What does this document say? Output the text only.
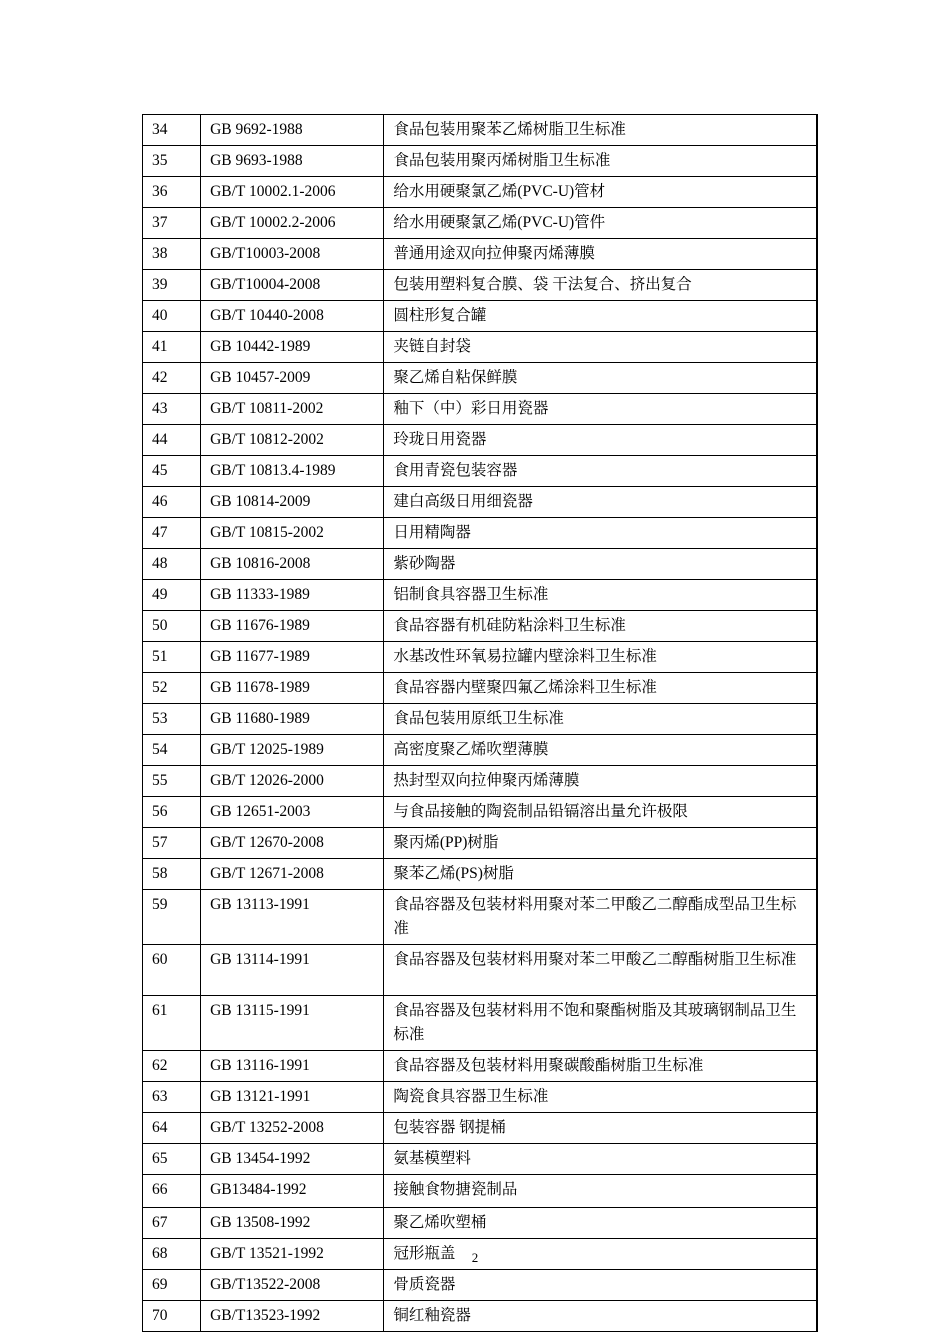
34	GB 9692-1988	食品包装用聚苯乙烯树脂卫生标准
35	GB 9693-1988	食品包装用聚丙烯树脂卫生标准
36	GB/T 10002.1-2006	给水用硬聚氯乙烯(PVC-U)管材
37	GB/T 10002.2-2006	给水用硬聚氯乙烯(PVC-U)管件
38	GB/T10003-2008	普通用途双向拉伸聚丙烯薄膜
39	GB/T10004-2008	包装用塑料复合膜、袋 干法复合、挤出复合
40	GB/T 10440-2008	圆柱形复合罐
41	GB 10442-1989	夹链自封袋
42	GB 10457-2009	聚乙烯自粘保鲜膜
43	GB/T 10811-2002	釉下（中）彩日用瓷器
44	GB/T 10812-2002	玲珑日用瓷器
45	GB/T 10813.4-1989	食用青瓷包装容器
46	GB 10814-2009	建白高级日用细瓷器
47	GB/T 10815-2002	日用精陶器
48	GB 10816-2008	紫砂陶器
49	GB 11333-1989	铝制食具容器卫生标准
50	GB 11676-1989	食品容器有机硅防粘涂料卫生标准
51	GB 11677-1989	水基改性环氧易拉罐内壁涂料卫生标准
52	GB 11678-1989	食品容器内壁聚四氟乙烯涂料卫生标准
53	GB 11680-1989	食品包装用原纸卫生标准
54	GB/T 12025-1989	高密度聚乙烯吹塑薄膜
55	GB/T 12026-2000	热封型双向拉伸聚丙烯薄膜
56	GB 12651-2003	与食品接触的陶瓷制品铅镉溶出量允许极限
57	GB/T 12670-2008	聚丙烯(PP)树脂
58	GB/T 12671-2008	聚苯乙烯(PS)树脂
59	GB 13113-1991	食品容器及包装材料用聚对苯二甲酸乙二醇酯成型品卫生标准
60	GB 13114-1991	食品容器及包装材料用聚对苯二甲酸乙二醇酯树脂卫生标准
61	GB 13115-1991	食品容器及包装材料用不饱和聚酯树脂及其玻璃钢制品卫生标准
62	GB 13116-1991	食品容器及包装材料用聚碳酸酯树脂卫生标准
63	GB 13121-1991	陶瓷食具容器卫生标准
64	GB/T 13252-2008	包装容器 钢提桶
65	GB 13454-1992	氨基模塑料
66	GB13484-1992	接触食物搪瓷制品
67	GB 13508-1992	聚乙烯吹塑桶
68	GB/T 13521-1992	冠形瓶盖
69	GB/T13522-2008	骨质瓷器
70	GB/T13523-1992	铜红釉瓷器
2
